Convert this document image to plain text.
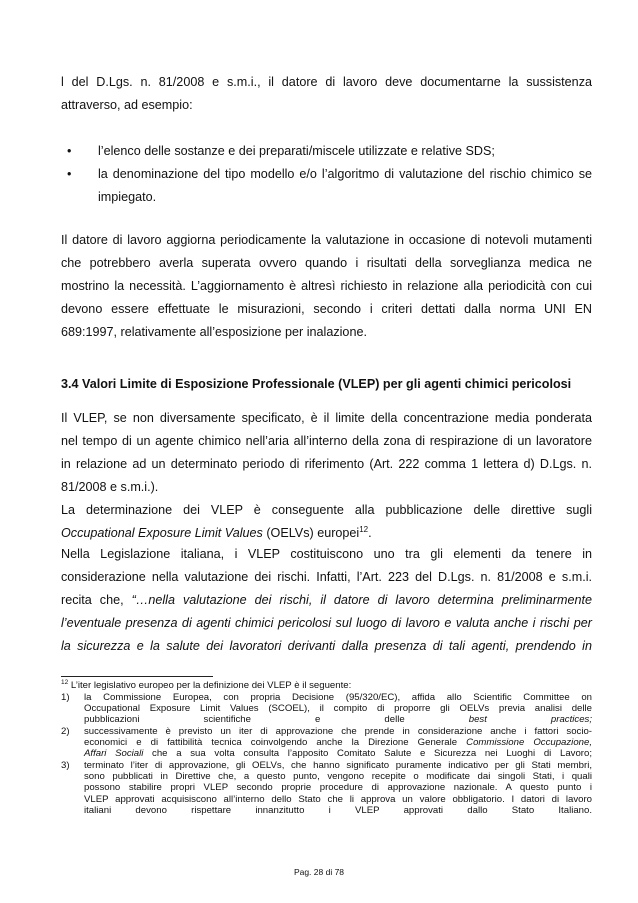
l del D.Lgs. n. 81/2008 e s.m.i., il datore di lavoro deve documentarne la sussistenza
attraverso, ad esempio:
• l’elenco delle sostanze e dei preparati/miscele utilizzate e relative SDS;
• la denominazione del tipo modello e/o l’algoritmo di valutazione del rischio chimico se
impiegato.
Il datore di lavoro aggiorna periodicamente la valutazione in occasione di notevoli mutamenti
che potrebbero averla superata ovvero quando i risultati della sorveglianza medica ne
mostrino la necessità. L’aggiornamento è altresì richiesto in relazione alla periodicità con cui
devono essere effettuate le misurazioni, secondo i criteri dettati dalla norma UNI EN
689:1997, relativamente all’esposizione per inalazione.
3.4 Valori Limite di Esposizione Professionale (VLEP) per gli agenti chimici pericolosi
Il VLEP, se non diversamente specificato, è il limite della concentrazione media ponderata
nel tempo di un agente chimico nell’aria all’interno della zona di respirazione di un lavoratore
in relazione ad un determinato periodo di riferimento (Art. 222 comma 1 lettera d) D.Lgs. n.
81/2008 e s.m.i.).
La determinazione dei VLEP è conseguente alla pubblicazione delle direttive sugli
Occupational Exposure Limit Values (OELVs) europei$^{12}$.
Nella Legislazione italiana, i VLEP costituiscono uno tra gli elementi da tenere in
considerazione nella valutazione dei rischi. Infatti, l’Art. 223 del D.Lgs. n. 81/2008 e s.m.i.
recita che, “…nella valutazione dei rischi, il datore di lavoro determina preliminarmente
l’eventuale presenza di agenti chimici pericolosi sul luogo di lavoro e valuta anche i rischi per
la sicurezza e la salute dei lavoratori derivanti dalla presenza di tali agenti, prendendo in
$^{12}$ L’iter legislativo europeo per la definizione dei VLEP è il seguente:
1) la Commissione Europea, con propria Decisione (95/320/EC), affida allo Scientific Committee on
Occupational Exposure Limit Values (SCOEL), il compito di proporre gli OELVs previa analisi delle
pubblicazioni scientifiche e delle best practices;
2) successivamente è previsto un iter di approvazione che prende in considerazione anche i fattori socio-
economici e di fattibilità tecnica coinvolgendo anche la Direzione Generale Commissione Occupazione,
Affari Sociali che a sua volta consulta l’apposito Comitato Salute e Sicurezza nei Luoghi di Lavoro;
3) terminato l’iter di approvazione, gli OELVs, che hanno significato puramente indicativo per gli Stati membri,
sono pubblicati in Direttive che, a questo punto, vengono recepite o modificate dai singoli Stati, i quali
possono stabilire propri VLEP secondo proprie procedure di approvazione nazionale. A questo punto i
VLEP approvati acquisiscono all’interno dello Stato che li approva un valore obbligatorio. I datori di lavoro
italiani devono rispettare innanzitutto i VLEP approvati dallo Stato Italiano.
Pag. 28 di 78
